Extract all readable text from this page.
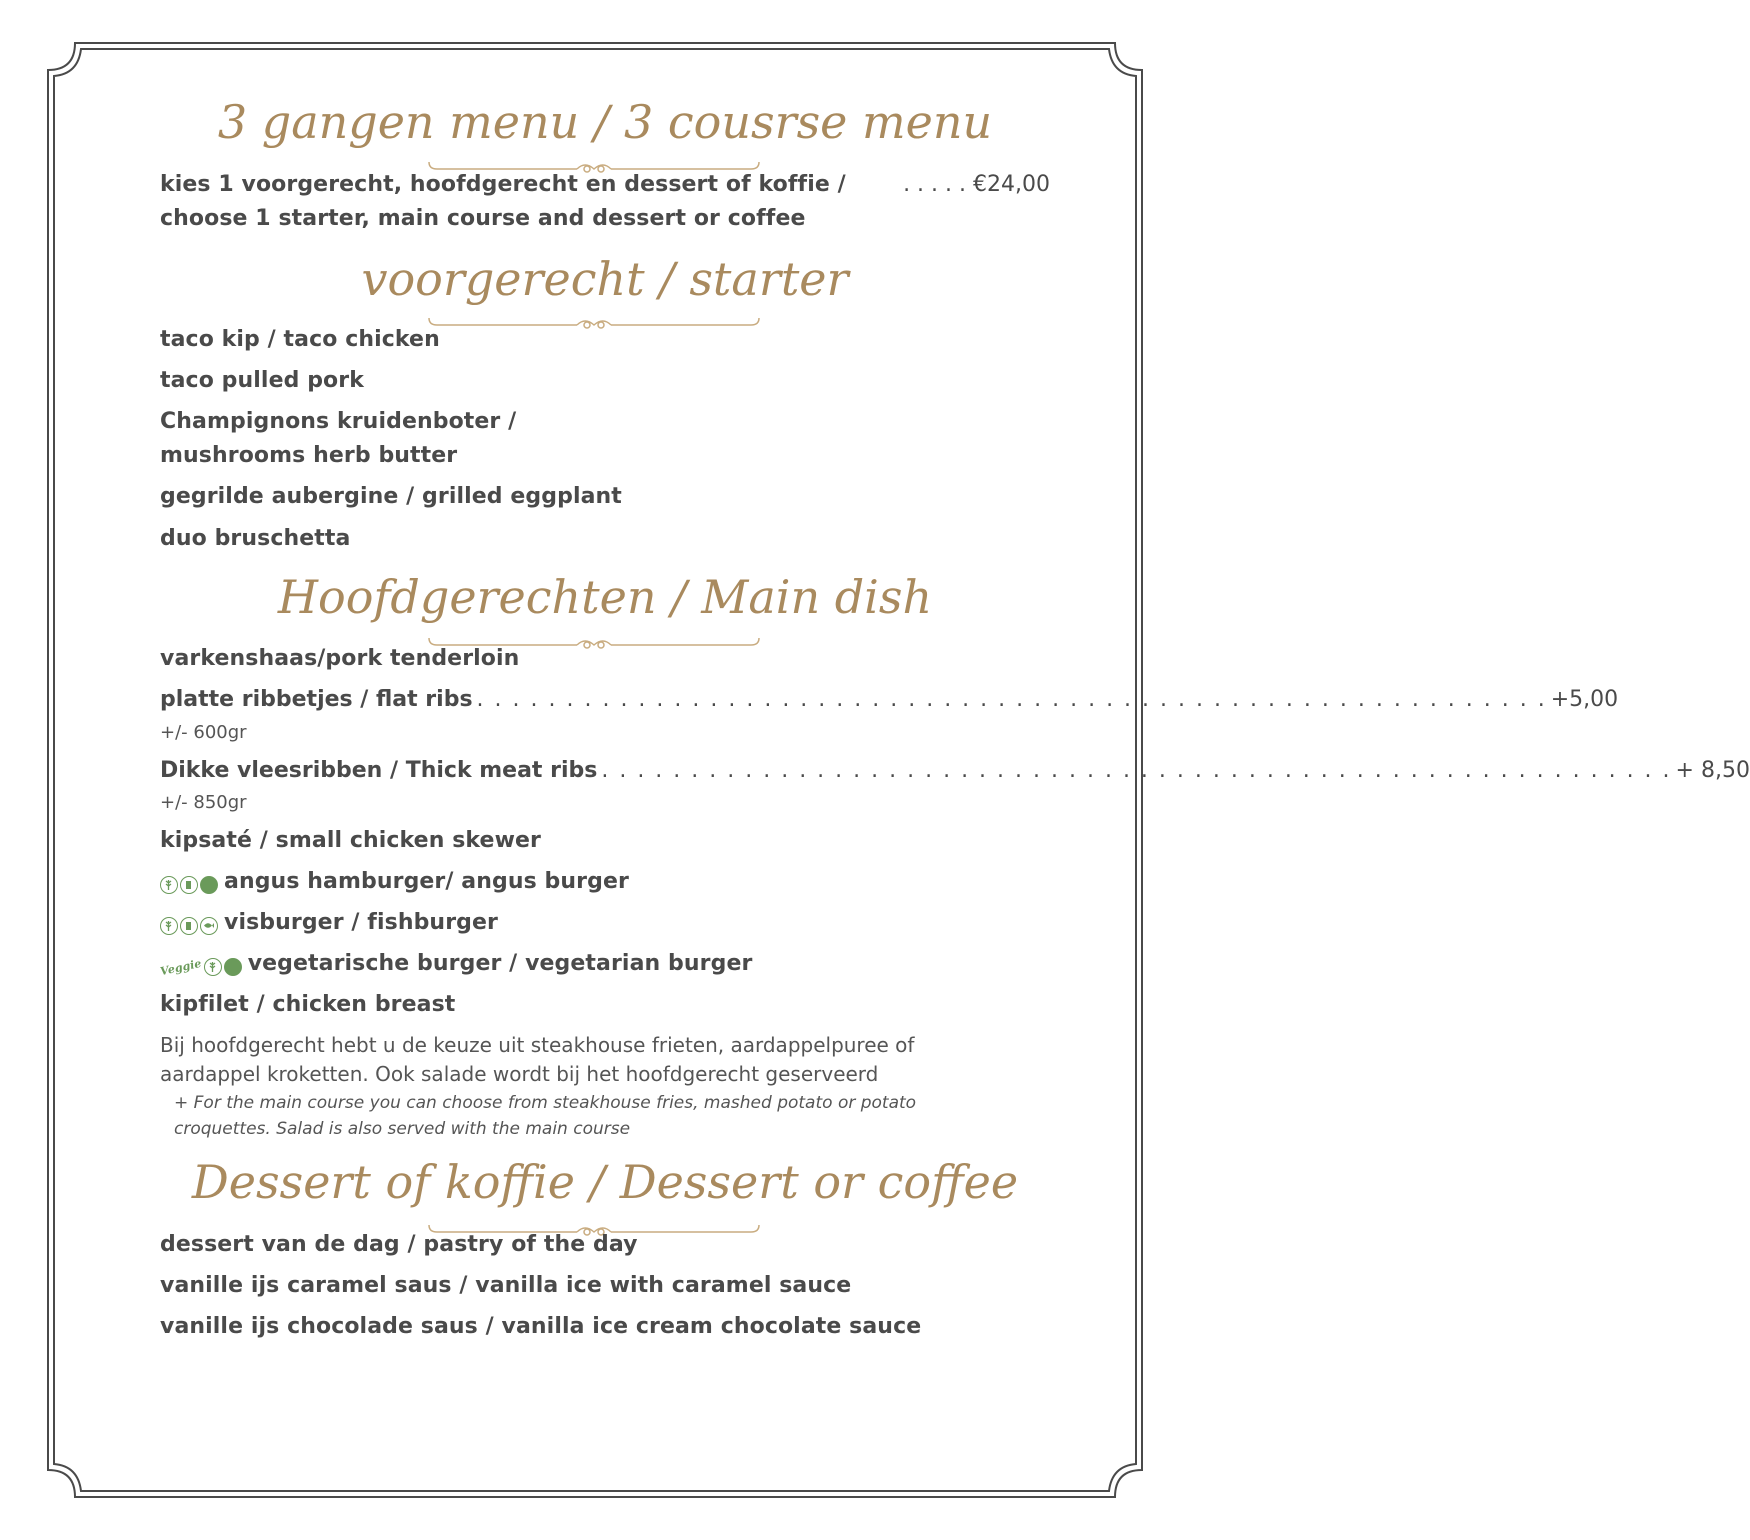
3 gangen menu / 3 cousrse menu
kies 1 voorgerecht, hoofdgerecht en dessert of koffie /
choose 1 starter, main course and dessert or coffee
. . . . . €24,00
voorgerecht / starter
taco kip / taco chicken
taco pulled pork
Champignons kruidenboter /
mushrooms herb butter
gegrilde aubergine / grilled eggplant
duo bruschetta
Hoofdgerechten / Main dish
varkenshaas/pork tenderloin
platte ribbetjes / flat ribs . . . . . . . . . . . . . . . . . . . . . . . . . . . . . . . . . . . . . . . . . . . . . . . . . . . . . . . . . . . . +5,00
+/- 600gr
Dikke vleesribben / Thick meat ribs . . . . . . . . . . . . . . . . . . . . . . . . . . . . . . . . . . . . . . . . . . . . . . . . . . . . . . . . . . . . + 8,50
+/- 850gr
kipsaté / small chicken skewer
angus hamburger/ angus burger
visburger / fishburger
Veggie vegetarische burger / vegetarian burger
kipfilet / chicken breast
Bij hoofdgerecht hebt u de keuze uit steakhouse frieten, aardappelpuree of
aardappel kroketten. Ook salade wordt bij het hoofdgerecht geserveerd
+ For the main course you can choose from steakhouse fries, mashed potato or potato
croquettes. Salad is also served with the main course
Dessert of koffie / Dessert or coffee
dessert van de dag / pastry of the day
vanille ijs caramel saus / vanilla ice with caramel sauce
vanille ijs chocolade saus / vanilla ice cream chocolate sauce
